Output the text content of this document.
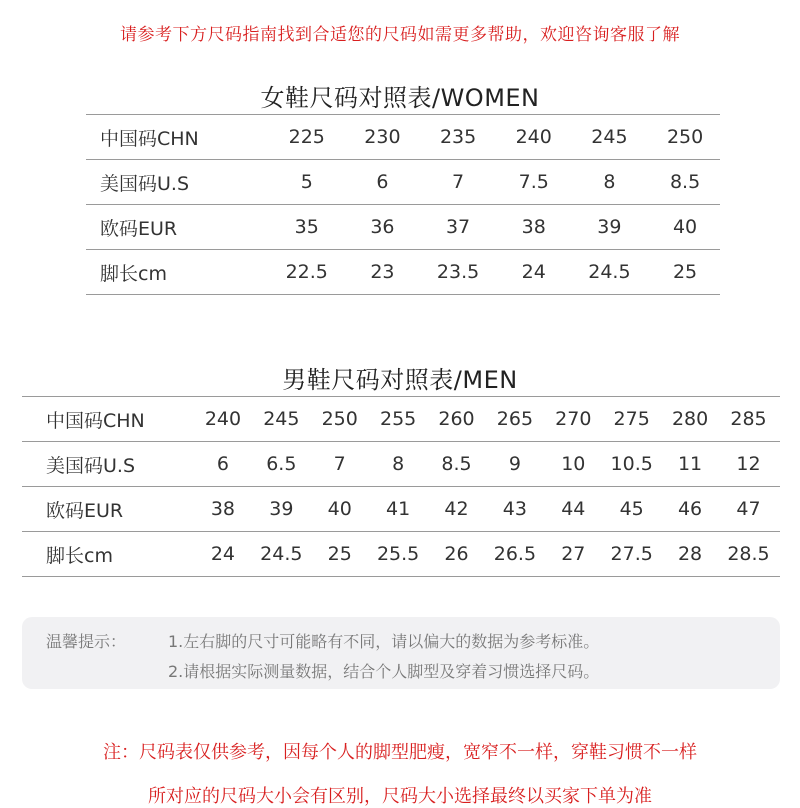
请参考下方尺码指南找到合适您的尺码如需更多帮助，欢迎咨询客服了解
女鞋尺码对照表/WOMEN
中国码CHN	225	230	235	240	245	250
美国码U.S	5	6	7	7.5	8	8.5
欧码EUR	35	36	37	38	39	40
脚长cm	22.5	23	23.5	24	24.5	25
男鞋尺码对照表/MEN
中国码CHN	240	245	250	255	260	265	270	275	280	285
美国码U.S	6	6.5	7	8	8.5	9	10	10.5	11	12
欧码EUR	38	39	40	41	42	43	44	45	46	47
脚长cm	24	24.5	25	25.5	26	26.5	27	27.5	28	28.5
温馨提示：	1.左右脚的尺寸可能略有不同，请以偏大的数据为参考标准。
2.请根据实际测量数据，结合个人脚型及穿着习惯选择尺码。
注：尺码表仅供参考，因每个人的脚型肥瘦，宽窄不一样，穿鞋习惯不一样
所对应的尺码大小会有区别，尺码大小选择最终以买家下单为准
